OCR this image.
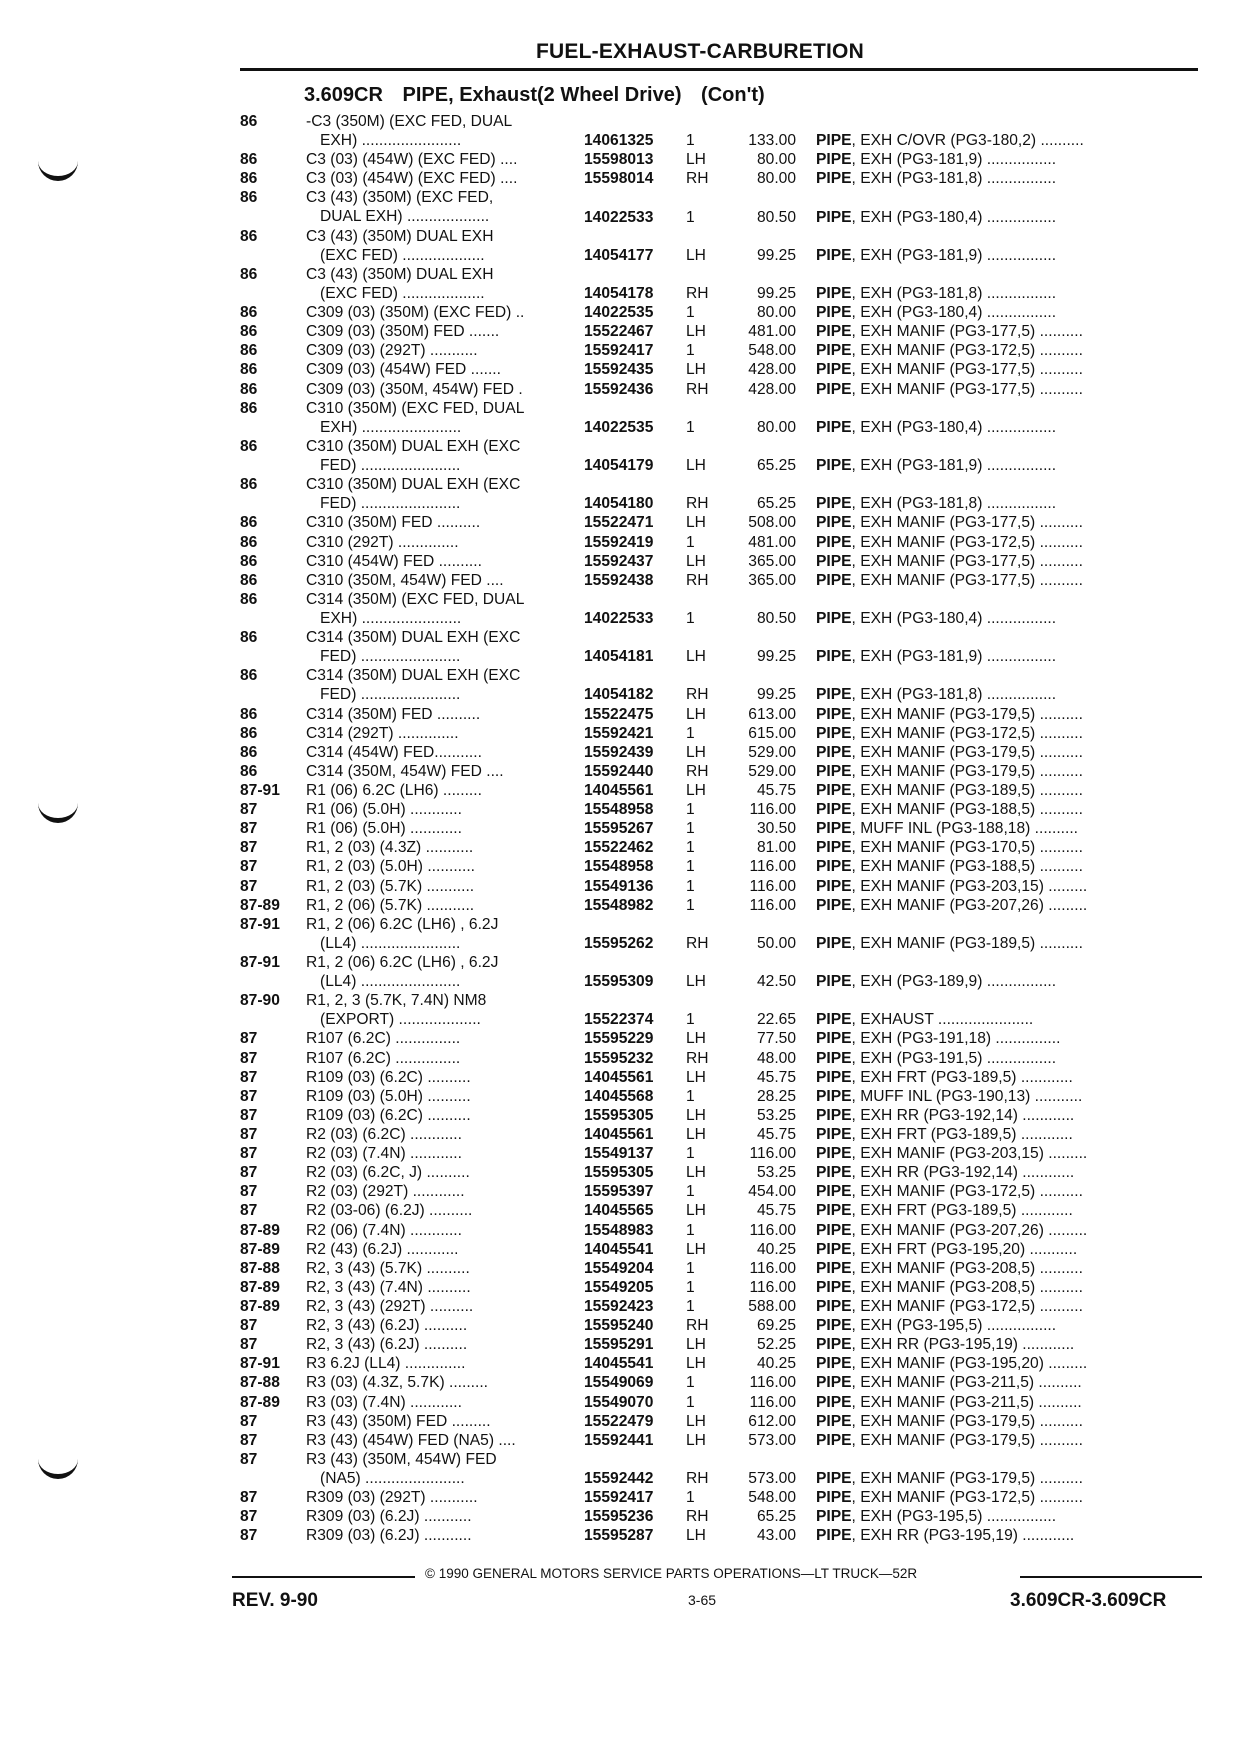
FUEL-EXHAUST-CARBURETION
3.609CR PIPE, Exhaust(2 Wheel Drive) (Con't)
86	-C3 (350M) (EXC FED, DUAL
EXH) .......................	14061325	1	133.00	PIPE, EXH C/OVR (PG3-180,2) ..........
86	C3 (03) (454W) (EXC FED) ....	15598013	LH	80.00	PIPE, EXH (PG3-181,9) ................
86	C3 (03) (454W) (EXC FED) ....	15598014	RH	80.00	PIPE, EXH (PG3-181,8) ................
86	C3 (43) (350M) (EXC FED,
DUAL EXH) ...................	14022533	1	80.50	PIPE, EXH (PG3-180,4) ................
86	C3 (43) (350M) DUAL EXH
(EXC FED) ...................	14054177	LH	99.25	PIPE, EXH (PG3-181,9) ................
86	C3 (43) (350M) DUAL EXH
(EXC FED) ...................	14054178	RH	99.25	PIPE, EXH (PG3-181,8) ................
86	C309 (03) (350M) (EXC FED) ..	14022535	1	80.00	PIPE, EXH (PG3-180,4) ................
86	C309 (03) (350M) FED .......	15522467	LH	481.00	PIPE, EXH MANIF (PG3-177,5) ..........
86	C309 (03) (292T) ...........	15592417	1	548.00	PIPE, EXH MANIF (PG3-172,5) ..........
86	C309 (03) (454W) FED .......	15592435	LH	428.00	PIPE, EXH MANIF (PG3-177,5) ..........
86	C309 (03) (350M, 454W) FED .	15592436	RH	428.00	PIPE, EXH MANIF (PG3-177,5) ..........
86	C310 (350M) (EXC FED, DUAL
EXH) .......................	14022535	1	80.00	PIPE, EXH (PG3-180,4) ................
86	C310 (350M) DUAL EXH (EXC
FED) .......................	14054179	LH	65.25	PIPE, EXH (PG3-181,9) ................
86	C310 (350M) DUAL EXH (EXC
FED) .......................	14054180	RH	65.25	PIPE, EXH (PG3-181,8) ................
86	C310 (350M) FED ..........	15522471	LH	508.00	PIPE, EXH MANIF (PG3-177,5) ..........
86	C310 (292T) ..............	15592419	1	481.00	PIPE, EXH MANIF (PG3-172,5) ..........
86	C310 (454W) FED ..........	15592437	LH	365.00	PIPE, EXH MANIF (PG3-177,5) ..........
86	C310 (350M, 454W) FED ....	15592438	RH	365.00	PIPE, EXH MANIF (PG3-177,5) ..........
86	C314 (350M) (EXC FED, DUAL
EXH) .......................	14022533	1	80.50	PIPE, EXH (PG3-180,4) ................
86	C314 (350M) DUAL EXH (EXC
FED) .......................	14054181	LH	99.25	PIPE, EXH (PG3-181,9) ................
86	C314 (350M) DUAL EXH (EXC
FED) .......................	14054182	RH	99.25	PIPE, EXH (PG3-181,8) ................
86	C314 (350M) FED ..........	15522475	LH	613.00	PIPE, EXH MANIF (PG3-179,5) ..........
86	C314 (292T) ..............	15592421	1	615.00	PIPE, EXH MANIF (PG3-172,5) ..........
86	C314 (454W) FED...........	15592439	LH	529.00	PIPE, EXH MANIF (PG3-179,5) ..........
86	C314 (350M, 454W) FED ....	15592440	RH	529.00	PIPE, EXH MANIF (PG3-179,5) ..........
87-91	R1 (06) 6.2C (LH6) .........	14045561	LH	45.75	PIPE, EXH MANIF (PG3-189,5) ..........
87	R1 (06) (5.0H) ............	15548958	1	116.00	PIPE, EXH MANIF (PG3-188,5) ..........
87	R1 (06) (5.0H) ............	15595267	1	30.50	PIPE, MUFF INL (PG3-188,18) ..........
87	R1, 2 (03) (4.3Z) ...........	15522462	1	81.00	PIPE, EXH MANIF (PG3-170,5) ..........
87	R1, 2 (03) (5.0H) ...........	15548958	1	116.00	PIPE, EXH MANIF (PG3-188,5) ..........
87	R1, 2 (03) (5.7K) ...........	15549136	1	116.00	PIPE, EXH MANIF (PG3-203,15) .........
87-89	R1, 2 (06) (5.7K) ...........	15548982	1	116.00	PIPE, EXH MANIF (PG3-207,26) .........
87-91	R1, 2 (06) 6.2C (LH6) , 6.2J
(LL4) .......................	15595262	RH	50.00	PIPE, EXH MANIF (PG3-189,5) ..........
87-91	R1, 2 (06) 6.2C (LH6) , 6.2J
(LL4) .......................	15595309	LH	42.50	PIPE, EXH (PG3-189,9) ................
87-90	R1, 2, 3 (5.7K, 7.4N) NM8
(EXPORT) ...................	15522374	1	22.65	PIPE, EXHAUST ......................
87	R107 (6.2C) ...............	15595229	LH	77.50	PIPE, EXH (PG3-191,18) ...............
87	R107 (6.2C) ...............	15595232	RH	48.00	PIPE, EXH (PG3-191,5) ................
87	R109 (03) (6.2C) ..........	14045561	LH	45.75	PIPE, EXH FRT (PG3-189,5) ............
87	R109 (03) (5.0H) ..........	14045568	1	28.25	PIPE, MUFF INL (PG3-190,13) ...........
87	R109 (03) (6.2C) ..........	15595305	LH	53.25	PIPE, EXH RR (PG3-192,14) ............
87	R2 (03) (6.2C) ............	14045561	LH	45.75	PIPE, EXH FRT (PG3-189,5) ............
87	R2 (03) (7.4N) ............	15549137	1	116.00	PIPE, EXH MANIF (PG3-203,15) .........
87	R2 (03) (6.2C, J) ..........	15595305	LH	53.25	PIPE, EXH RR (PG3-192,14) ............
87	R2 (03) (292T) ............	15595397	1	454.00	PIPE, EXH MANIF (PG3-172,5) ..........
87	R2 (03-06) (6.2J) ..........	14045565	LH	45.75	PIPE, EXH FRT (PG3-189,5) ............
87-89	R2 (06) (7.4N) ............	15548983	1	116.00	PIPE, EXH MANIF (PG3-207,26) .........
87-89	R2 (43) (6.2J) ............	14045541	LH	40.25	PIPE, EXH FRT (PG3-195,20) ...........
87-88	R2, 3 (43) (5.7K) ..........	15549204	1	116.00	PIPE, EXH MANIF (PG3-208,5) ..........
87-89	R2, 3 (43) (7.4N) ..........	15549205	1	116.00	PIPE, EXH MANIF (PG3-208,5) ..........
87-89	R2, 3 (43) (292T) ..........	15592423	1	588.00	PIPE, EXH MANIF (PG3-172,5) ..........
87	R2, 3 (43) (6.2J) ..........	15595240	RH	69.25	PIPE, EXH (PG3-195,5) ................
87	R2, 3 (43) (6.2J) ..........	15595291	LH	52.25	PIPE, EXH RR (PG3-195,19) ............
87-91	R3 6.2J (LL4) ..............	14045541	LH	40.25	PIPE, EXH MANIF (PG3-195,20) .........
87-88	R3 (03) (4.3Z, 5.7K) .........	15549069	1	116.00	PIPE, EXH MANIF (PG3-211,5) ..........
87-89	R3 (03) (7.4N) ............	15549070	1	116.00	PIPE, EXH MANIF (PG3-211,5) ..........
87	R3 (43) (350M) FED .........	15522479	LH	612.00	PIPE, EXH MANIF (PG3-179,5) ..........
87	R3 (43) (454W) FED (NA5) ....	15592441	LH	573.00	PIPE, EXH MANIF (PG3-179,5) ..........
87	R3 (43) (350M, 454W) FED
(NA5) .......................	15592442	RH	573.00	PIPE, EXH MANIF (PG3-179,5) ..........
87	R309 (03) (292T) ...........	15592417	1	548.00	PIPE, EXH MANIF (PG3-172,5) ..........
87	R309 (03) (6.2J) ...........	15595236	RH	65.25	PIPE, EXH (PG3-195,5) ................
87	R309 (03) (6.2J) ...........	15595287	LH	43.00	PIPE, EXH RR (PG3-195,19) ............
© 1990 GENERAL MOTORS SERVICE PARTS OPERATIONS—LT TRUCK—52R
REV. 9-90	3-65	3.609CR-3.609CR
